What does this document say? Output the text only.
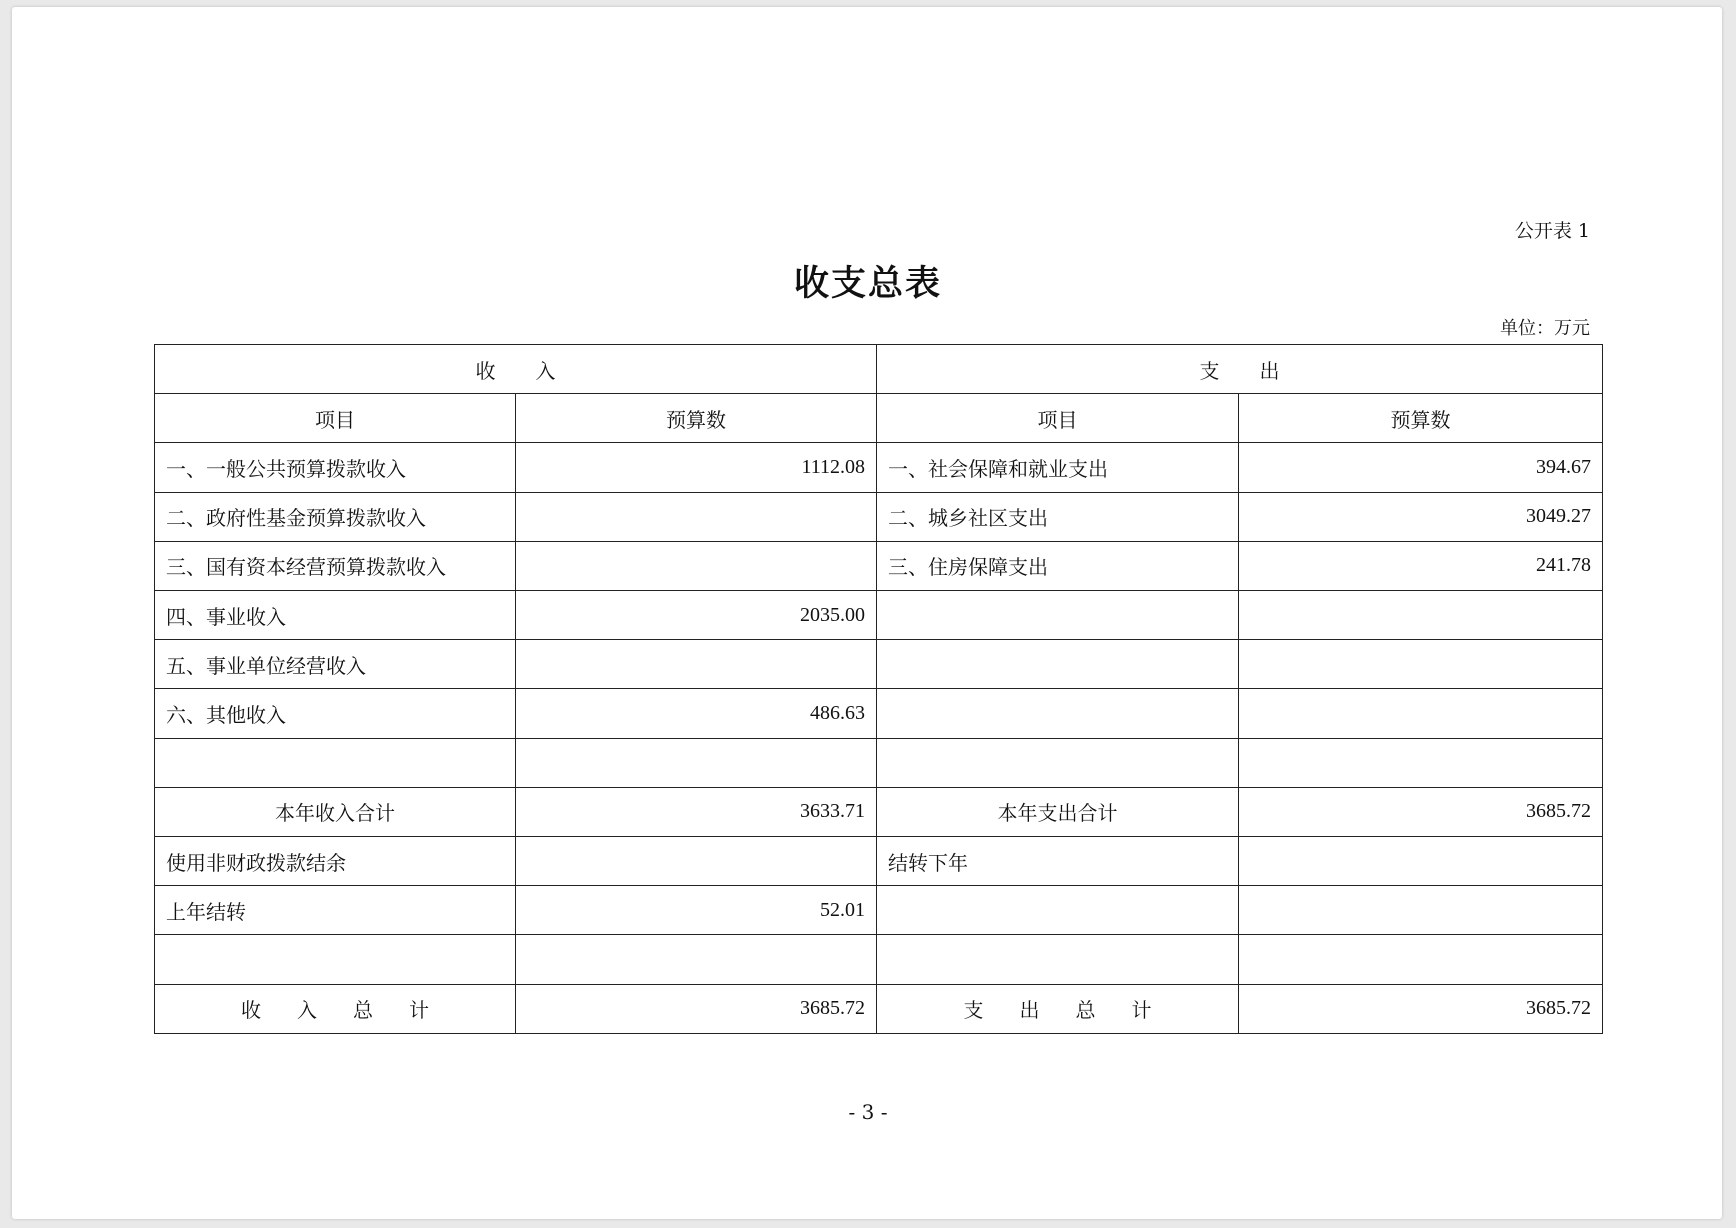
公开表 1
收支总表
单位：万元
收　　入		支　　出	
项目	预算数	项目	预算数
一、一般公共预算拨款收入	1112.08	一、社会保障和就业支出	394.67
二、政府性基金预算拨款收入		二、城乡社区支出	3049.27
三、国有资本经营预算拨款收入		三、住房保障支出	241.78
四、事业收入	2035.00		
五、事业单位经营收入			
六、其他收入	486.63		

本年收入合计	3633.71	本年支出合计	3685.72
使用非财政拨款结余		结转下年	
上年结转	52.01		

收入总计	3685.72	支出总计	3685.72
- 3 -
